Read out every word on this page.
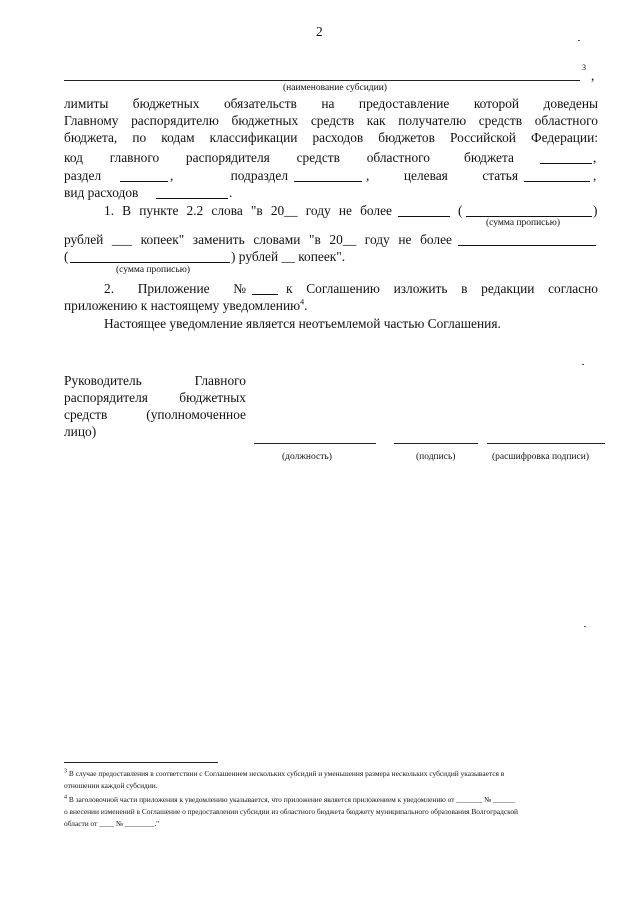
2
3
,
(наименование субсидии)
лимиты бюджетных обязательств на предоставление которой доведены
Главному распорядителю бюджетных средств как получателю средств областного
бюджета, по кодам классификации расходов бюджетов Российской Федерации:
код главного распорядителя средств областного	бюджета	,
раздел	, подраздел	, целевая статья	,
вид расходов	.
1. В пункте 2.2 слова "в 20__ году не более	(	)
(сумма прописью)
рублей ___ копеек" заменить словами "в 20__ году не более
(	) рублей __ копеек".
(сумма прописью)
2. Приложение №	к Соглашению изложить в редакции согласно
приложению к настоящему уведомлению$^4$.
Настоящее уведомление является неотъемлемой частью Соглашения.
Руководитель Главного
распорядителя бюджетных
средств (уполномоченное
лицо)
(должность)	(подпись)	(расшифровка подписи)
$^3$ В случае предоставления в соответствии с Соглашением нескольких субсидий и уменьшения размера нескольких субсидий указывается в
отношении каждой субсидии.
$^4$ В заголовочной части приложения к уведомлению указывается, что приложение является приложением к уведомлению от _______ № ______
о внесении изменений в Соглашение о предоставлении субсидии из областного бюджета бюджету муниципального образования Волгоградской
области от ____ № ________."
